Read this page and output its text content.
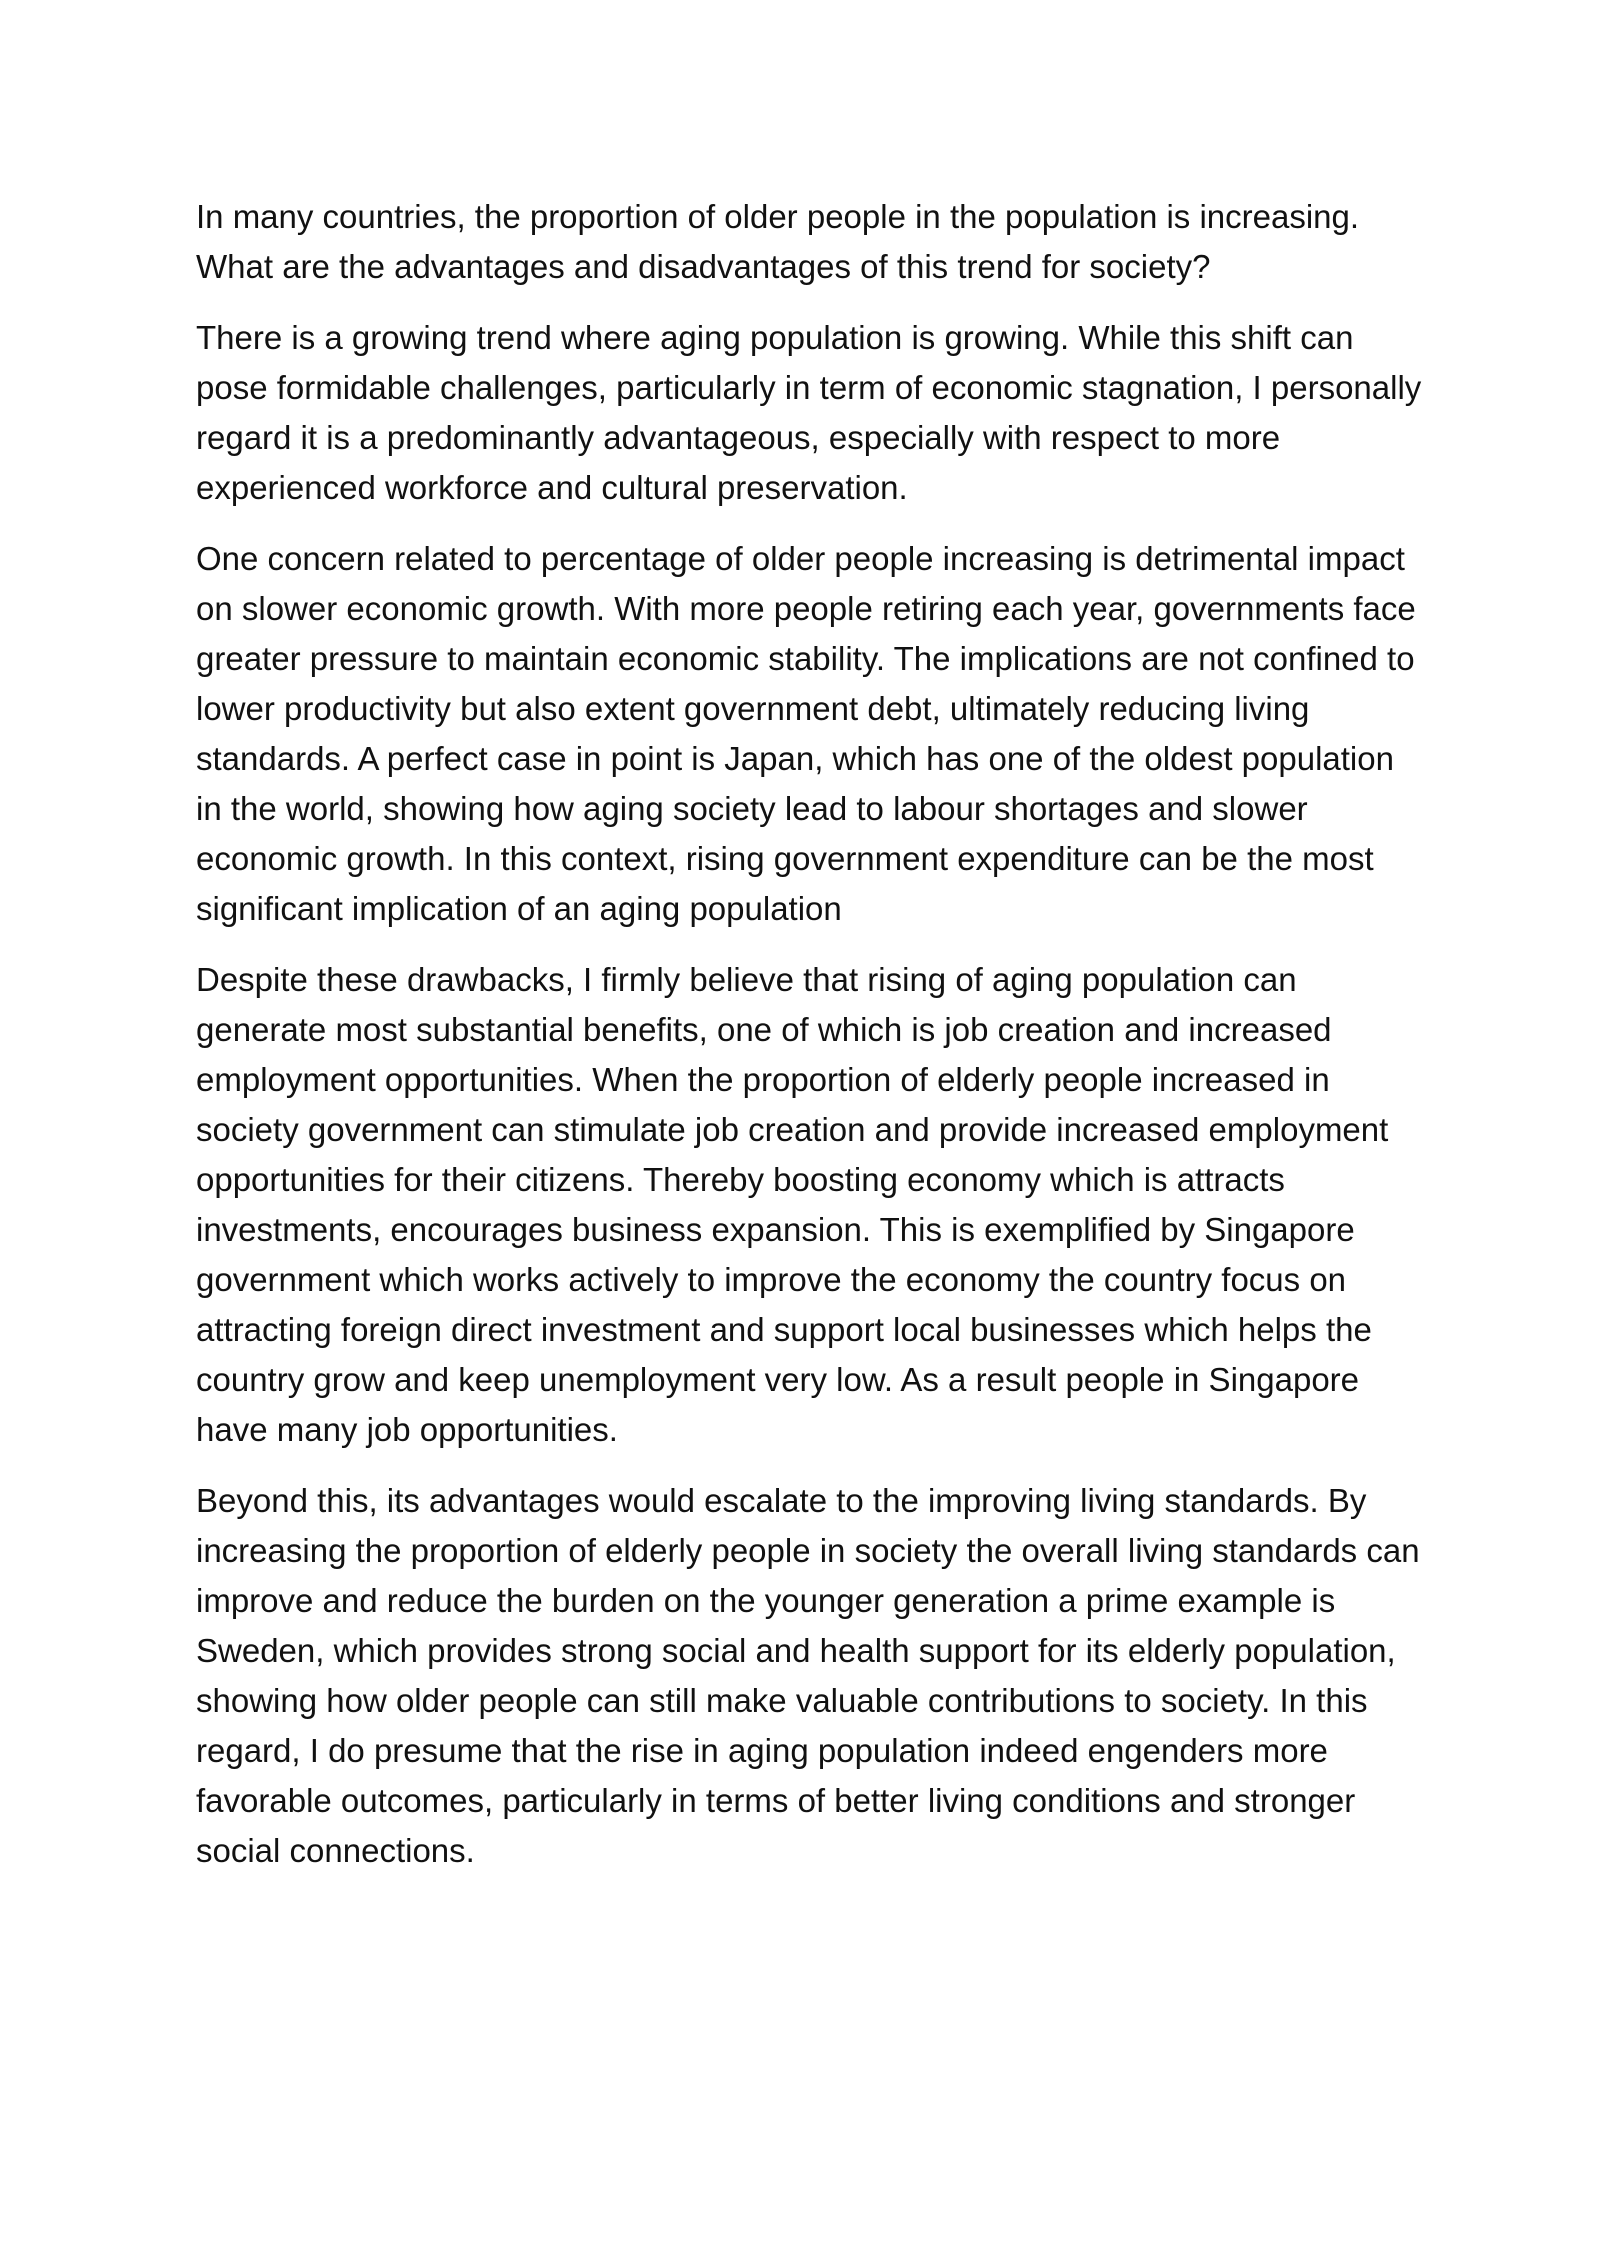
In many countries, the proportion of older people in the population is increasing. What are the advantages and disadvantages of this trend for society?

There is a growing trend where aging population is growing. While this shift can pose formidable challenges, particularly in term of economic stagnation, I personally regard it is a predominantly advantageous, especially with respect to more experienced workforce and cultural preservation.

One concern related to percentage of older people increasing is detrimental impact on slower economic growth. With more people retiring each year, governments face greater pressure to maintain economic stability. The implications are not confined to lower productivity but also extent government debt, ultimately reducing living standards. A perfect case in point is Japan, which has one of the oldest population in the world, showing how aging society lead to labour shortages and slower economic growth. In this context, rising government expenditure can be the most significant implication of an aging population

Despite these drawbacks, I firmly believe that rising of aging population can generate most substantial benefits, one of which is job creation and increased employment opportunities. When the proportion of elderly people increased in society government can stimulate job creation and provide increased employment opportunities for their citizens. Thereby boosting economy which is attracts investments, encourages business expansion. This is exemplified by Singapore government which works actively to improve the economy the country focus on attracting foreign direct investment and support local businesses which helps the country grow and keep unemployment very low. As a result people in Singapore have many job opportunities.

Beyond this, its advantages would escalate to the improving living standards. By increasing the proportion of elderly people in society the overall living standards can improve and reduce the burden on the younger generation a prime example is Sweden, which provides strong social and health support for its elderly population, showing how older people can still make valuable contributions to society. In this regard, I do presume that the rise in aging population indeed engenders more favorable outcomes, particularly in terms of better living conditions and stronger social connections.
